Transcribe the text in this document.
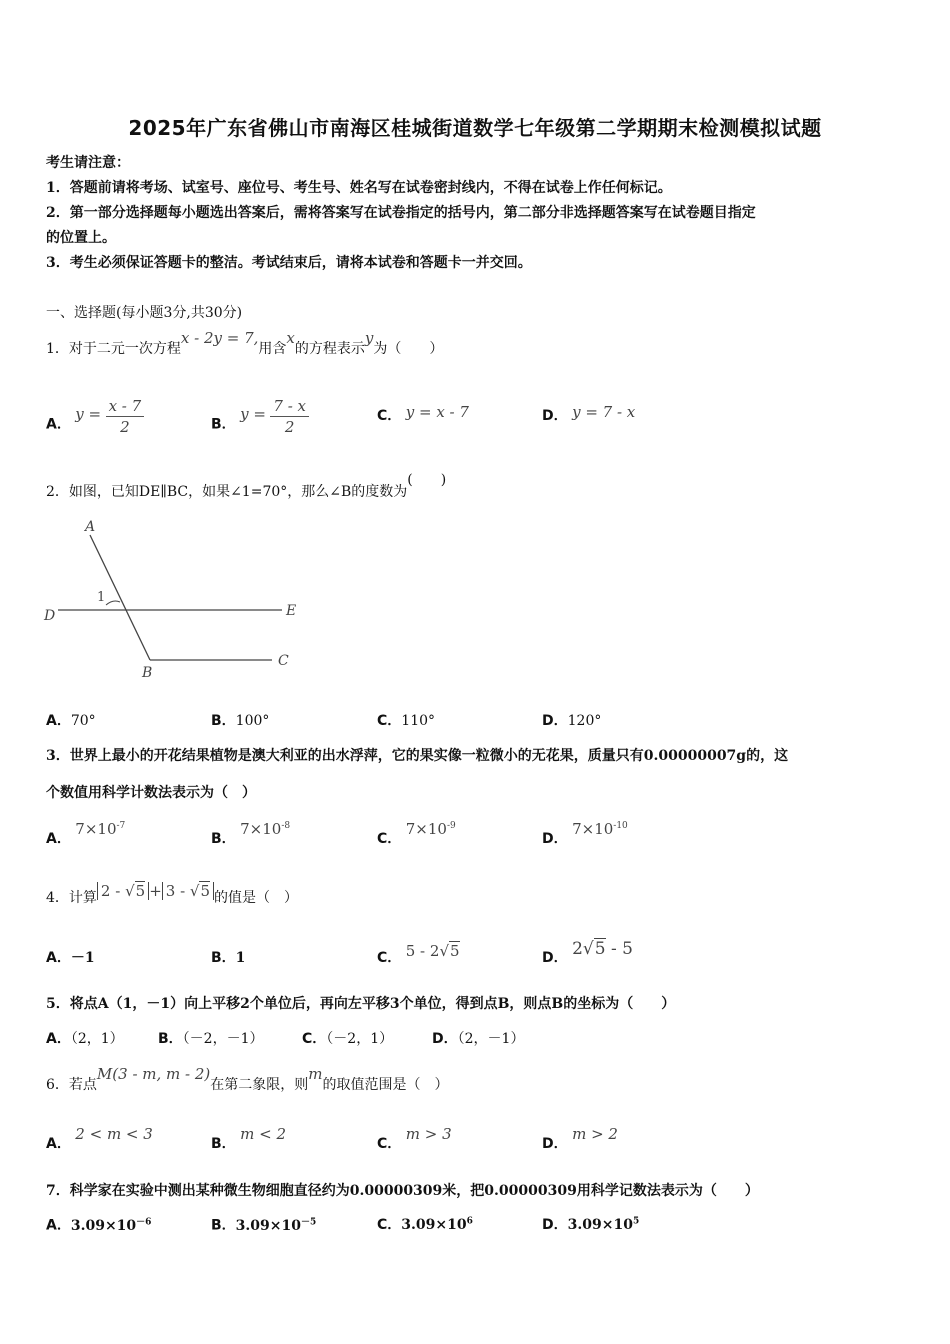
2025年广东省佛山市南海区桂城街道数学七年级第二学期期末检测模拟试题
考生请注意：
1．答题前请将考场、试室号、座位号、考生号、姓名写在试卷密封线内，不得在试卷上作任何标记。
2．第一部分选择题每小题选出答案后，需将答案写在试卷指定的括号内，第二部分非选择题答案写在试卷题目指定
的位置上。
3．考生必须保证答题卡的整洁。考试结束后，请将本试卷和答题卡一并交回。
一、选择题(每小题3分,共30分)
1．对于二元一次方程x - 2y = 7,用含x的方程表示y为（　　）
A． $y = \frac{x - 7}{2}$	B． $y = \frac{7 - x}{2}$	C． y = x - 7	D． y = 7 - x
2．如图，已知DE∥BC，如果∠1=70°，那么∠B的度数为(　　)
A
D	E
B
C
1
A．70°	B．100°	C．110°	D．120°
3．世界上最小的开花结果植物是澳大利亚的出水浮萍，它的果实像一粒微小的无花果，质量只有0.00000007g的，这
个数值用科学计数法表示为（　）
A． $7\times 10^{-7}$
B． $7\times 10^{-8}$
C． $7\times 10^{-9}$
D． $7\times 10^{-10}$
4．计算 2 - √5 + 3 - √5 的值是（　）
A．－1	B．1	C． 5 - 2√5	D． 2√5 - 5
5．将点A（1，－1）向上平移2个单位后，再向左平移3个单位，得到点B，则点B的坐标为（　　）
A．（2，1） B．（－2，－1）	C．（－2，1）	D．（2，－1）
6．若点M(3 - m, m - 2)在第二象限，则m的取值范围是（　）
A． 2 < m < 3
B． m < 2
C． m > 3
D． m > 2
7．科学家在实验中测出某种微生物细胞直径约为0.00000309米，把0.00000309用科学记数法表示为（　　）
A．$3.09\times 10^{-6}$	B．$3.09\times 10^{-5}$	C．$3.09\times 10^6$	D．$3.09\times 10^5$
